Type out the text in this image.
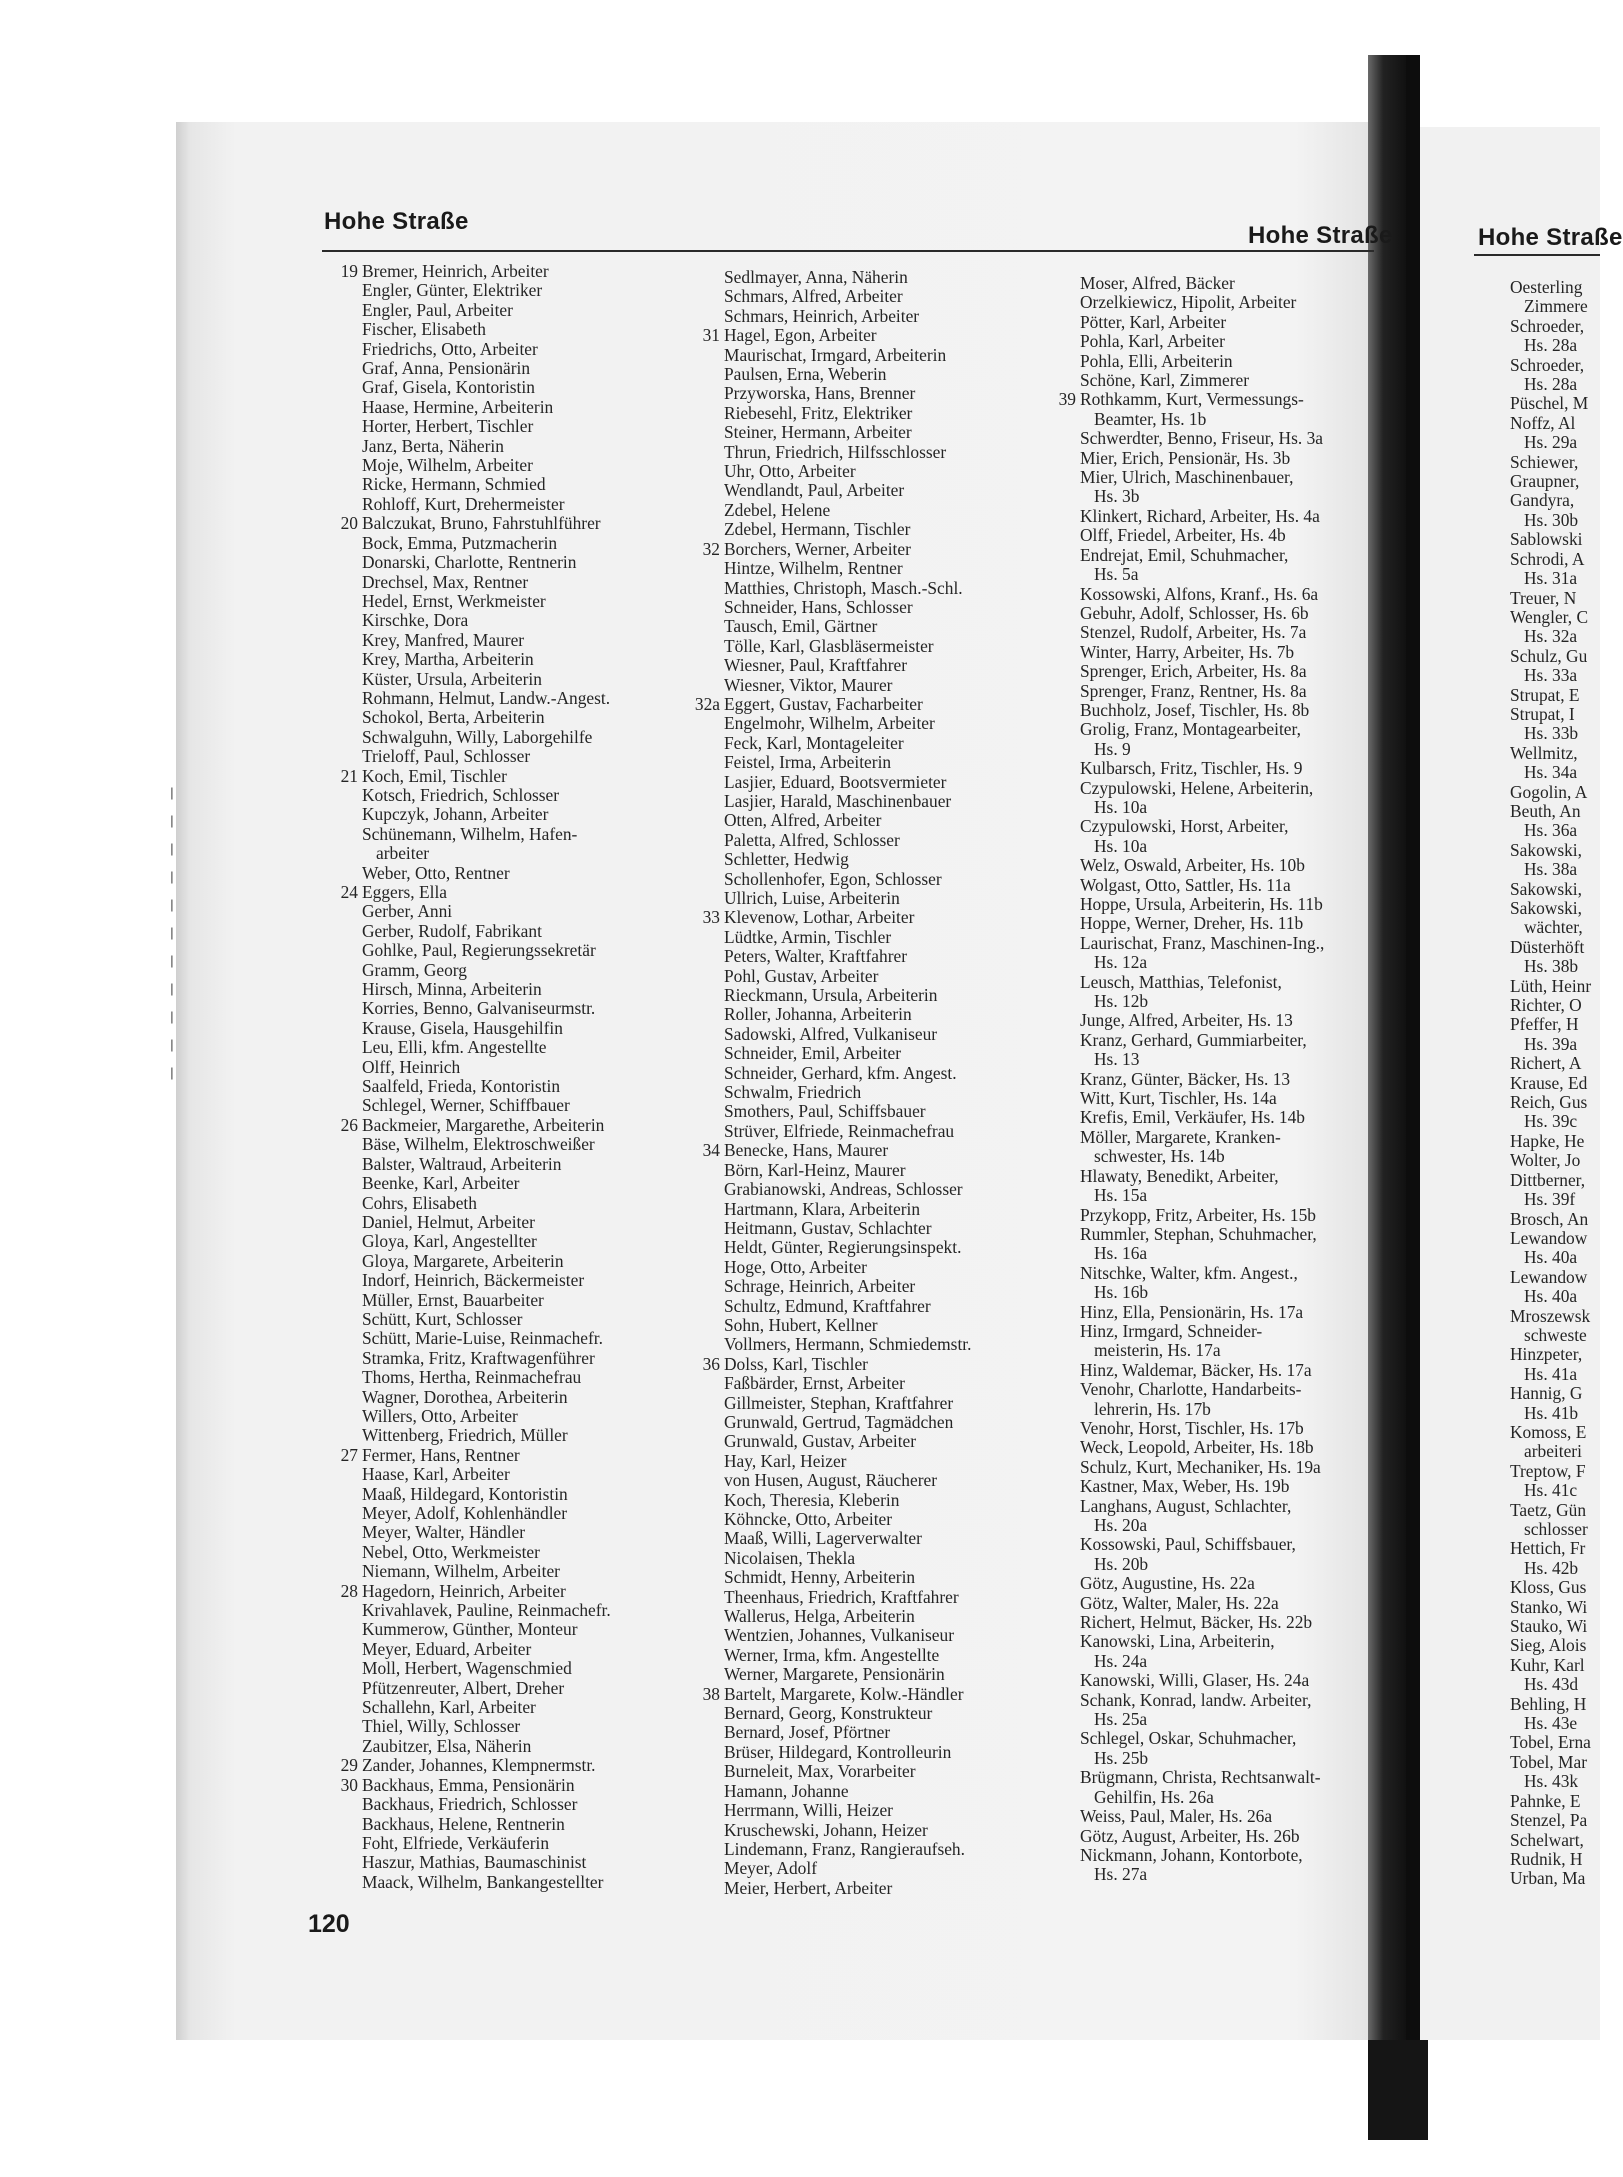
|
|
|
|
|
|
|
|
|
|
|
Hohe Straße
Hohe Straße	Hohe Straße
19 Bremer, Heinrich, Arbeiter
Engler, Günter, Elektriker
Engler, Paul, Arbeiter
Fischer, Elisabeth
Friedrichs, Otto, Arbeiter
Graf, Anna, Pensionärin
Graf, Gisela, Kontoristin
Haase, Hermine, Arbeiterin
Horter, Herbert, Tischler
Janz, Berta, Näherin
Moje, Wilhelm, Arbeiter
Ricke, Hermann, Schmied
Rohloff, Kurt, Drehermeister
20 Balczukat, Bruno, Fahrstuhlführer
Bock, Emma, Putzmacherin
Donarski, Charlotte, Rentnerin
Drechsel, Max, Rentner
Hedel, Ernst, Werkmeister
Kirschke, Dora
Krey, Manfred, Maurer
Krey, Martha, Arbeiterin
Küster, Ursula, Arbeiterin
Rohmann, Helmut, Landw.-Angest.
Schokol, Berta, Arbeiterin
Schwalguhn, Willy, Laborgehilfe
Trieloff, Paul, Schlosser
21 Koch, Emil, Tischler
Kotsch, Friedrich, Schlosser
Kupczyk, Johann, Arbeiter
Schünemann, Wilhelm, Hafen-
arbeiter
Weber, Otto, Rentner
24 Eggers, Ella
Gerber, Anni
Gerber, Rudolf, Fabrikant
Gohlke, Paul, Regierungssekretär
Gramm, Georg
Hirsch, Minna, Arbeiterin
Korries, Benno, Galvaniseurmstr.
Krause, Gisela, Hausgehilfin
Leu, Elli, kfm. Angestellte
Olff, Heinrich
Saalfeld, Frieda, Kontoristin
Schlegel, Werner, Schiffbauer
26 Backmeier, Margarethe, Arbeiterin
Bäse, Wilhelm, Elektroschweißer
Balster, Waltraud, Arbeiterin
Beenke, Karl, Arbeiter
Cohrs, Elisabeth
Daniel, Helmut, Arbeiter
Gloya, Karl, Angestellter
Gloya, Margarete, Arbeiterin
Indorf, Heinrich, Bäckermeister
Müller, Ernst, Bauarbeiter
Schütt, Kurt, Schlosser
Schütt, Marie-Luise, Reinmachefr.
Stramka, Fritz, Kraftwagenführer
Thoms, Hertha, Reinmachefrau
Wagner, Dorothea, Arbeiterin
Willers, Otto, Arbeiter
Wittenberg, Friedrich, Müller
27 Fermer, Hans, Rentner
Haase, Karl, Arbeiter
Maaß, Hildegard, Kontoristin
Meyer, Adolf, Kohlenhändler
Meyer, Walter, Händler
Nebel, Otto, Werkmeister
Niemann, Wilhelm, Arbeiter
28 Hagedorn, Heinrich, Arbeiter
Krivahlavek, Pauline, Reinmachefr.
Kummerow, Günther, Monteur
Meyer, Eduard, Arbeiter
Moll, Herbert, Wagenschmied
Pfützenreuter, Albert, Dreher
Schallehn, Karl, Arbeiter
Thiel, Willy, Schlosser
Zaubitzer, Elsa, Näherin
29 Zander, Johannes, Klempnermstr.
30 Backhaus, Emma, Pensionärin
Backhaus, Friedrich, Schlosser
Backhaus, Helene, Rentnerin
Foht, Elfriede, Verkäuferin
Haszur, Mathias, Baumaschinist
Maack, Wilhelm, Bankangestellter
Sedlmayer, Anna, Näherin
Schmars, Alfred, Arbeiter
Schmars, Heinrich, Arbeiter
31 Hagel, Egon, Arbeiter
Maurischat, Irmgard, Arbeiterin
Paulsen, Erna, Weberin
Przyworska, Hans, Brenner
Riebesehl, Fritz, Elektriker
Steiner, Hermann, Arbeiter
Thrun, Friedrich, Hilfsschlosser
Uhr, Otto, Arbeiter
Wendlandt, Paul, Arbeiter
Zdebel, Helene
Zdebel, Hermann, Tischler
32 Borchers, Werner, Arbeiter
Hintze, Wilhelm, Rentner
Matthies, Christoph, Masch.-Schl.
Schneider, Hans, Schlosser
Tausch, Emil, Gärtner
Tölle, Karl, Glasbläsermeister
Wiesner, Paul, Kraftfahrer
Wiesner, Viktor, Maurer
32a Eggert, Gustav, Facharbeiter
Engelmohr, Wilhelm, Arbeiter
Feck, Karl, Montageleiter
Feistel, Irma, Arbeiterin
Lasjier, Eduard, Bootsvermieter
Lasjier, Harald, Maschinenbauer
Otten, Alfred, Arbeiter
Paletta, Alfred, Schlosser
Schletter, Hedwig
Schollenhofer, Egon, Schlosser
Ullrich, Luise, Arbeiterin
33 Klevenow, Lothar, Arbeiter
Lüdtke, Armin, Tischler
Peters, Walter, Kraftfahrer
Pohl, Gustav, Arbeiter
Rieckmann, Ursula, Arbeiterin
Roller, Johanna, Arbeiterin
Sadowski, Alfred, Vulkaniseur
Schneider, Emil, Arbeiter
Schneider, Gerhard, kfm. Angest.
Schwalm, Friedrich
Smothers, Paul, Schiffsbauer
Strüver, Elfriede, Reinmachefrau
34 Benecke, Hans, Maurer
Börn, Karl-Heinz, Maurer
Grabianowski, Andreas, Schlosser
Hartmann, Klara, Arbeiterin
Heitmann, Gustav, Schlachter
Heldt, Günter, Regierungsinspekt.
Hoge, Otto, Arbeiter
Schrage, Heinrich, Arbeiter
Schultz, Edmund, Kraftfahrer
Sohn, Hubert, Kellner
Vollmers, Hermann, Schmiedemstr.
36 Dolss, Karl, Tischler
Faßbärder, Ernst, Arbeiter
Gillmeister, Stephan, Kraftfahrer
Grunwald, Gertrud, Tagmädchen
Grunwald, Gustav, Arbeiter
Hay, Karl, Heizer
von Husen, August, Räucherer
Koch, Theresia, Kleberin
Köhncke, Otto, Arbeiter
Maaß, Willi, Lagerverwalter
Nicolaisen, Thekla
Schmidt, Henny, Arbeiterin
Theenhaus, Friedrich, Kraftfahrer
Wallerus, Helga, Arbeiterin
Wentzien, Johannes, Vulkaniseur
Werner, Irma, kfm. Angestellte
Werner, Margarete, Pensionärin
38 Bartelt, Margarete, Kolw.-Händler
Bernard, Georg, Konstrukteur
Bernard, Josef, Pförtner
Brüser, Hildegard, Kontrolleurin
Burneleit, Max, Vorarbeiter
Hamann, Johanne
Herrmann, Willi, Heizer
Kruschewski, Johann, Heizer
Lindemann, Franz, Rangieraufseh.
Meyer, Adolf
Meier, Herbert, Arbeiter
Moser, Alfred, Bäcker
Orzelkiewicz, Hipolit, Arbeiter
Pötter, Karl, Arbeiter
Pohla, Karl, Arbeiter
Pohla, Elli, Arbeiterin
Schöne, Karl, Zimmerer
39 Rothkamm, Kurt, Vermessungs-
Beamter, Hs. 1b
Schwerdter, Benno, Friseur, Hs. 3a
Mier, Erich, Pensionär, Hs. 3b
Mier, Ulrich, Maschinenbauer,
Hs. 3b
Klinkert, Richard, Arbeiter, Hs. 4a
Olff, Friedel, Arbeiter, Hs. 4b
Endrejat, Emil, Schuhmacher,
Hs. 5a
Kossowski, Alfons, Kranf., Hs. 6a
Gebuhr, Adolf, Schlosser, Hs. 6b
Stenzel, Rudolf, Arbeiter, Hs. 7a
Winter, Harry, Arbeiter, Hs. 7b
Sprenger, Erich, Arbeiter, Hs. 8a
Sprenger, Franz, Rentner, Hs. 8a
Buchholz, Josef, Tischler, Hs. 8b
Grolig, Franz, Montagearbeiter,
Hs. 9
Kulbarsch, Fritz, Tischler, Hs. 9
Czypulowski, Helene, Arbeiterin,
Hs. 10a
Czypulowski, Horst, Arbeiter,
Hs. 10a
Welz, Oswald, Arbeiter, Hs. 10b
Wolgast, Otto, Sattler, Hs. 11a
Hoppe, Ursula, Arbeiterin, Hs. 11b
Hoppe, Werner, Dreher, Hs. 11b
Laurischat, Franz, Maschinen-Ing.,
Hs. 12a
Leusch, Matthias, Telefonist,
Hs. 12b
Junge, Alfred, Arbeiter, Hs. 13
Kranz, Gerhard, Gummiarbeiter,
Hs. 13
Kranz, Günter, Bäcker, Hs. 13
Witt, Kurt, Tischler, Hs. 14a
Krefis, Emil, Verkäufer, Hs. 14b
Möller, Margarete, Kranken-
schwester, Hs. 14b
Hlawaty, Benedikt, Arbeiter,
Hs. 15a
Przykopp, Fritz, Arbeiter, Hs. 15b
Rummler, Stephan, Schuhmacher,
Hs. 16a
Nitschke, Walter, kfm. Angest.,
Hs. 16b
Hinz, Ella, Pensionärin, Hs. 17a
Hinz, Irmgard, Schneider-
meisterin, Hs. 17a
Hinz, Waldemar, Bäcker, Hs. 17a
Venohr, Charlotte, Handarbeits-
lehrerin, Hs. 17b
Venohr, Horst, Tischler, Hs. 17b
Weck, Leopold, Arbeiter, Hs. 18b
Schulz, Kurt, Mechaniker, Hs. 19a
Kastner, Max, Weber, Hs. 19b
Langhans, August, Schlachter,
Hs. 20a
Kossowski, Paul, Schiffsbauer,
Hs. 20b
Götz, Augustine, Hs. 22a
Götz, Walter, Maler, Hs. 22a
Richert, Helmut, Bäcker, Hs. 22b
Kanowski, Lina, Arbeiterin,
Hs. 24a
Kanowski, Willi, Glaser, Hs. 24a
Schank, Konrad, landw. Arbeiter,
Hs. 25a
Schlegel, Oskar, Schuhmacher,
Hs. 25b
Brügmann, Christa, Rechtsanwalt-
Gehilfin, Hs. 26a
Weiss, Paul, Maler, Hs. 26a
Götz, August, Arbeiter, Hs. 26b
Nickmann, Johann, Kontorbote,
Hs. 27a
Oesterling
Zimmere
Schroeder,
Hs. 28a
Schroeder,
Hs. 28a
Püschel, M
Noffz, Al
Hs. 29a
Schiewer,
Graupner,
Gandyra,
Hs. 30b
Sablowski
Schrodi, A
Hs. 31a
Treuer, N
Wengler, C
Hs. 32a
Schulz, Gu
Hs. 33a
Strupat, E
Strupat, I
Hs. 33b
Wellmitz,
Hs. 34a
Gogolin, A
Beuth, An
Hs. 36a
Sakowski,
Hs. 38a
Sakowski,
Sakowski,
wächter,
Düsterhöft
Hs. 38b
Lüth, Heinr
Richter, O
Pfeffer, H
Hs. 39a
Richert, A
Krause, Ed
Reich, Gus
Hs. 39c
Hapke, He
Wolter, Jo
Dittberner,
Hs. 39f
Brosch, An
Lewandow
Hs. 40a
Lewandow
Hs. 40a
Mroszewsk
schweste
Hinzpeter,
Hs. 41a
Hannig, G
Hs. 41b
Komoss, E
arbeiteri
Treptow, F
Hs. 41c
Taetz, Gün
schlosser
Hettich, Fr
Hs. 42b
Kloss, Gus
Stanko, Wi
Stauko, Wi
Sieg, Alois
Kuhr, Karl
Hs. 43d
Behling, H
Hs. 43e
Tobel, Erna
Tobel, Mar
Hs. 43k
Pahnke, E
Stenzel, Pa
Schelwart,
Rudnik, H
Urban, Ma
120
